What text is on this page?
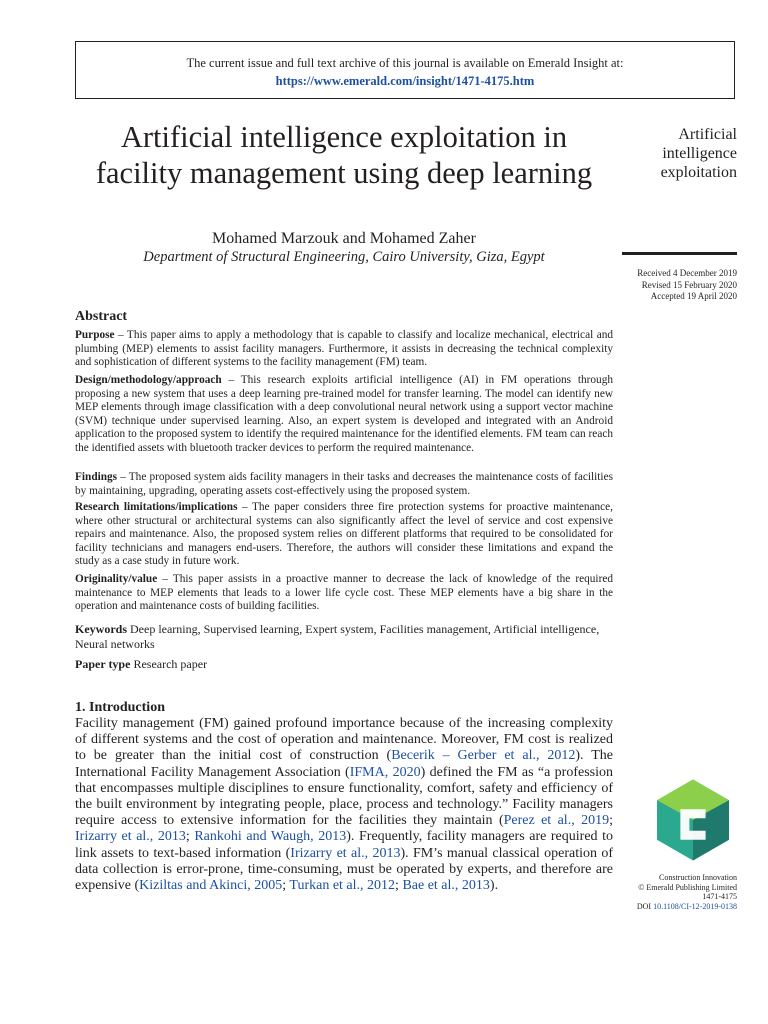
The current issue and full text archive of this journal is available on Emerald Insight at:
https://www.emerald.com/insight/1471-4175.htm
Artificial intelligence exploitation in facility management using deep learning
Mohamed Marzouk and Mohamed Zaher
Department of Structural Engineering, Cairo University, Giza, Egypt
Artificial intelligence exploitation
Received 4 December 2019
Revised 15 February 2020
Accepted 19 April 2020
Abstract
Purpose – This paper aims to apply a methodology that is capable to classify and localize mechanical, electrical and plumbing (MEP) elements to assist facility managers. Furthermore, it assists in decreasing the technical complexity and sophistication of different systems to the facility management (FM) team.
Design/methodology/approach – This research exploits artificial intelligence (AI) in FM operations through proposing a new system that uses a deep learning pre-trained model for transfer learning. The model can identify new MEP elements through image classification with a deep convolutional neural network using a support vector machine (SVM) technique under supervised learning. Also, an expert system is developed and integrated with an Android application to the proposed system to identify the required maintenance for the identified elements. FM team can reach the identified assets with bluetooth tracker devices to perform the required maintenance.
Findings – The proposed system aids facility managers in their tasks and decreases the maintenance costs of facilities by maintaining, upgrading, operating assets cost-effectively using the proposed system.
Research limitations/implications – The paper considers three fire protection systems for proactive maintenance, where other structural or architectural systems can also significantly affect the level of service and cost expensive repairs and maintenance. Also, the proposed system relies on different platforms that required to be consolidated for facility technicians and managers end-users. Therefore, the authors will consider these limitations and expand the study as a case study in future work.
Originality/value – This paper assists in a proactive manner to decrease the lack of knowledge of the required maintenance to MEP elements that leads to a lower life cycle cost. These MEP elements have a big share in the operation and maintenance costs of building facilities.
Keywords Deep learning, Supervised learning, Expert system, Facilities management, Artificial intelligence, Neural networks
Paper type Research paper
1. Introduction
Facility management (FM) gained profound importance because of the increasing complexity of different systems and the cost of operation and maintenance. Moreover, FM cost is realized to be greater than the initial cost of construction (Becerik – Gerber et al., 2012). The International Facility Management Association (IFMA, 2020) defined the FM as “a profession that encompasses multiple disciplines to ensure functionality, comfort, safety and efficiency of the built environment by integrating people, place, process and technology.” Facility managers require access to extensive information for the facilities they maintain (Perez et al., 2019; Irizarry et al., 2013; Rankohi and Waugh, 2013). Frequently, facility managers are required to link assets to text-based information (Irizarry et al., 2013). FM’s manual classical operation of data collection is error-prone, time-consuming, must be operated by experts, and therefore are expensive (Kiziltas and Akinci, 2005; Turkan et al., 2012; Bae et al., 2013).
Construction Innovation
© Emerald Publishing Limited
1471-4175
DOI 10.1108/CI-12-2019-0138
